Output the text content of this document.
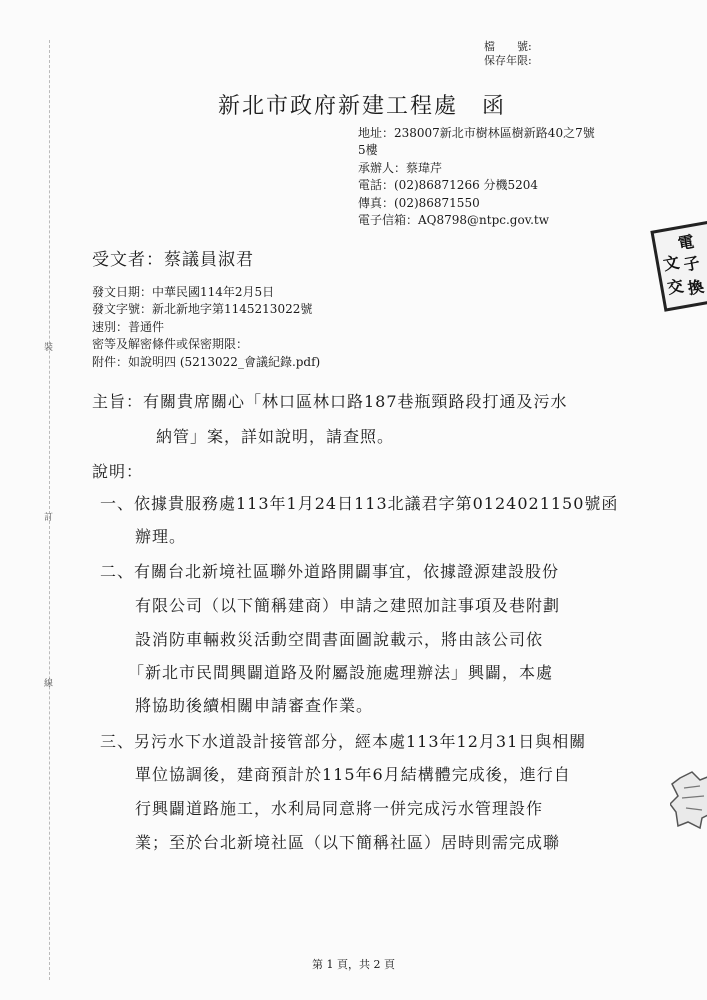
裝
訂
線
檔　　號:
保存年限:
新北市政府新建工程處　函
地址：238007新北市樹林區樹新路40之7號
5樓
承辦人：蔡瑋芹
電話：(02)86871266 分機5204
傳真：(02)86871550
電子信箱：AQ8798@ntpc.gov.tw
電
文 子
交 換
受文者：蔡議員淑君
發文日期：中華民國114年2月5日
發文字號：新北新地字第1145213022號
速別：普通件
密等及解密條件或保密期限：
附件：如說明四 (5213022_會議紀錄.pdf)
主旨：有關貴席關心「林口區林口路187巷瓶頸路段打通及污水
納管」案，詳如說明，請查照。
說明：
一、依據貴服務處113年1月24日113北議君字第0124021150號函
辦理。
二、有關台北新境社區聯外道路開闢事宜，依據證源建設股份
有限公司（以下簡稱建商）申請之建照加註事項及巷附劃
設消防車輛救災活動空間書面圖說載示，將由該公司依
「新北市民間興闢道路及附屬設施處理辦法」興闢，本處
將協助後續相關申請審查作業。
三、另污水下水道設計接管部分，經本處113年12月31日與相關
單位協調後，建商預計於115年6月結構體完成後，進行自
行興闢道路施工，水利局同意將一併完成污水管理設作
業；至於台北新境社區（以下簡稱社區）居時則需完成聯
第 1 頁，共 2 頁
